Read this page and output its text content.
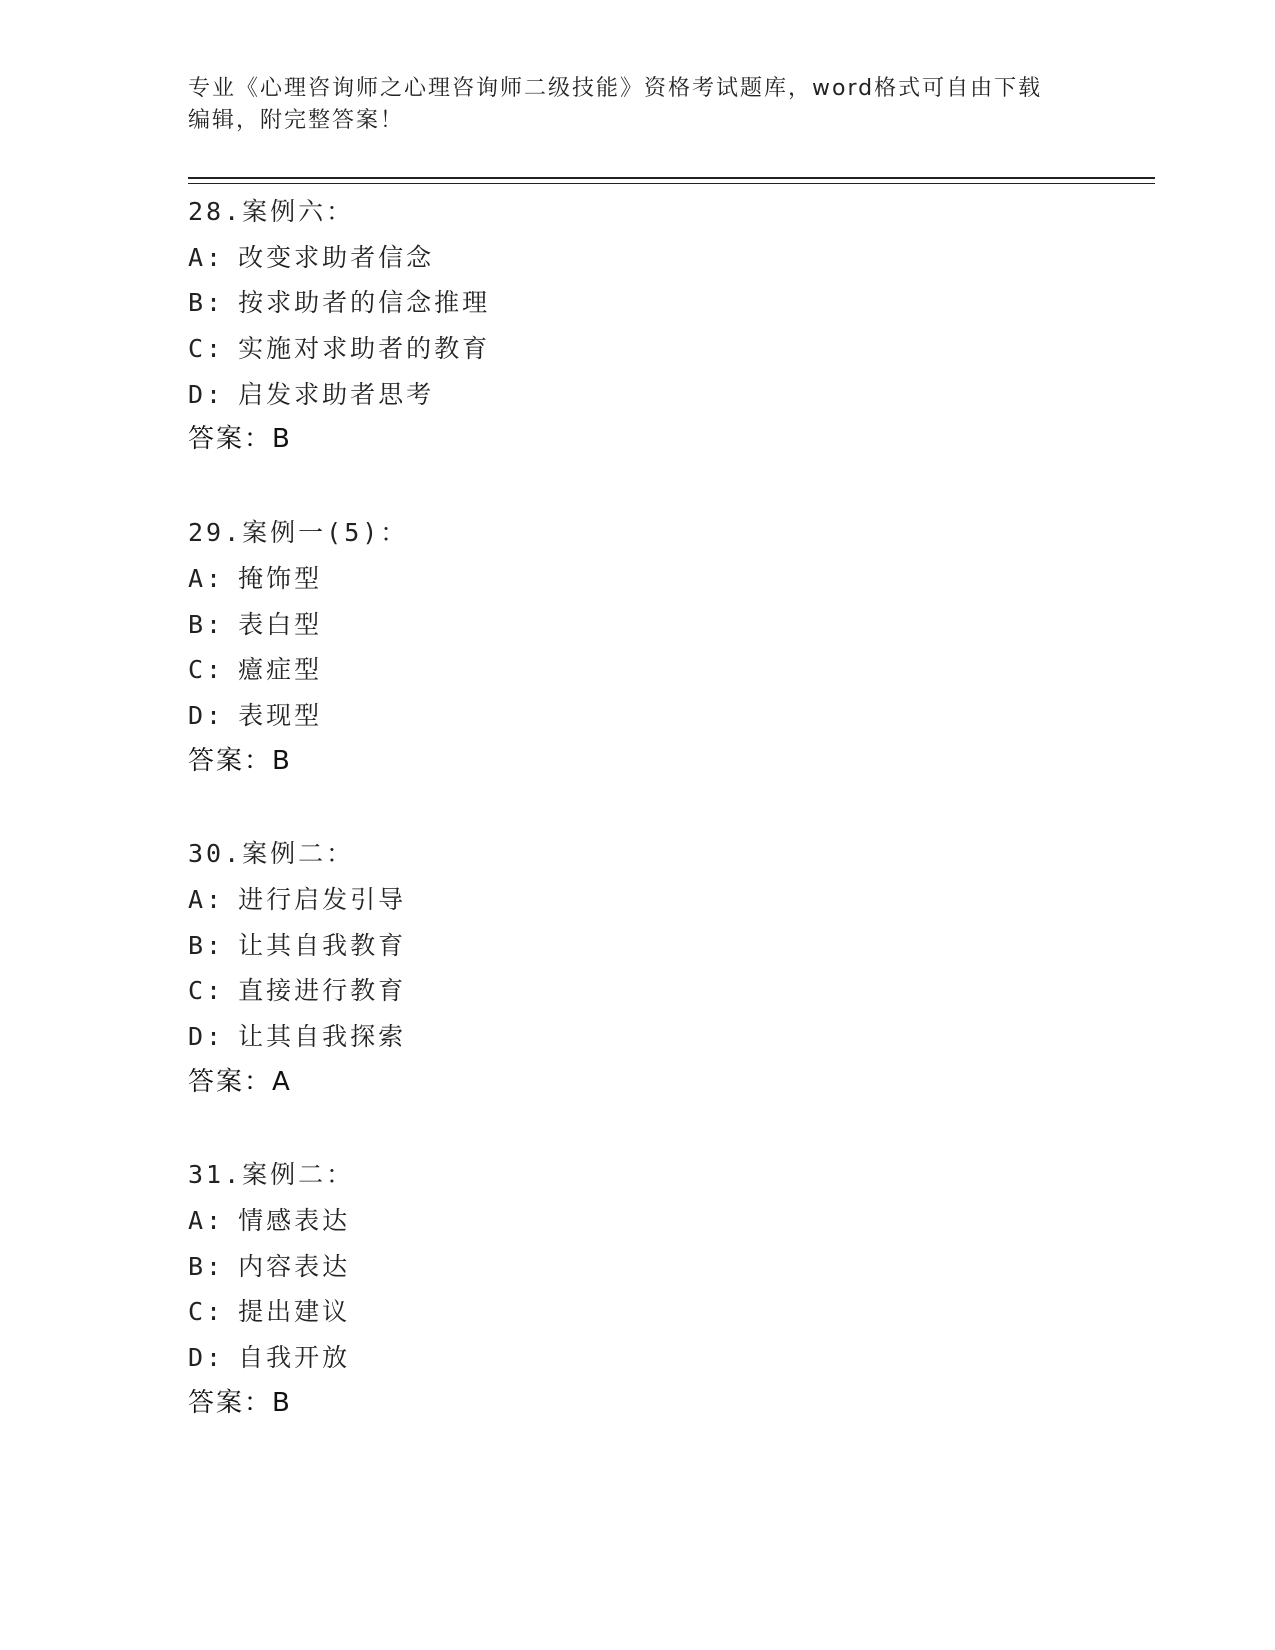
专业《心理咨询师之心理咨询师二级技能》资格考试题库，word格式可自由下载
编辑，附完整答案！
28.案例六：
A: 改变求助者信念
B: 按求助者的信念推理
C: 实施对求助者的教育
D: 启发求助者思考
答案：B
29.案例一(5)：
A: 掩饰型
B: 表白型
C: 癔症型
D: 表现型
答案：B
30.案例二：
A: 进行启发引导
B: 让其自我教育
C: 直接进行教育
D: 让其自我探索
答案：A
31.案例二：
A: 情感表达
B: 内容表达
C: 提出建议
D: 自我开放
答案：B
